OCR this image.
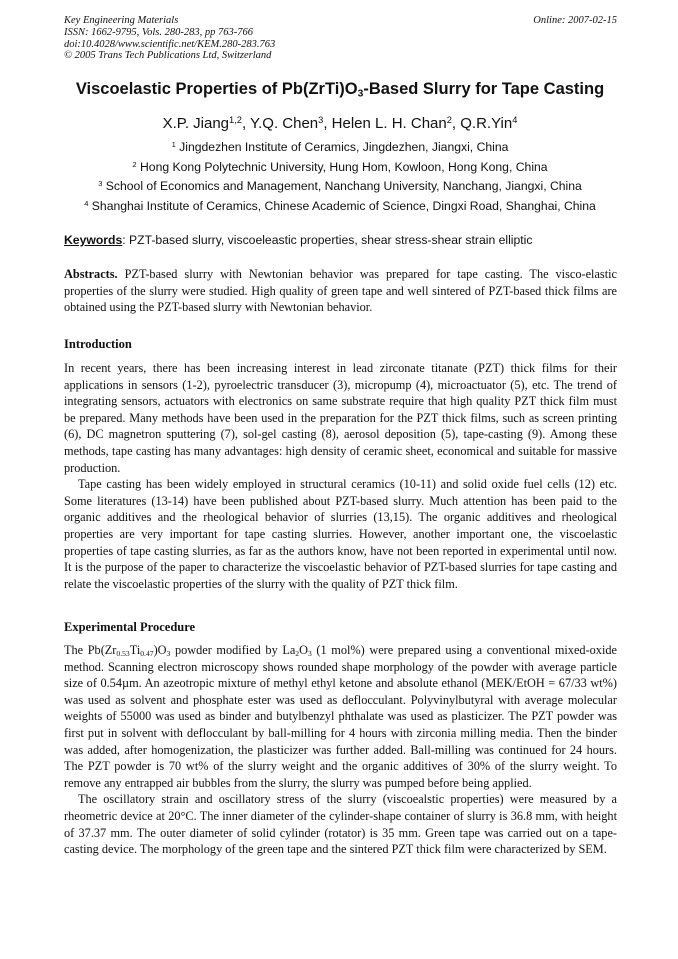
Key Engineering Materials
ISSN: 1662-9795, Vols. 280-283, pp 763-766
doi:10.4028/www.scientific.net/KEM.280-283.763
© 2005 Trans Tech Publications Ltd, Switzerland
Online: 2007-02-15
Viscoelastic Properties of $Pb(ZrTi)O_3$-Based Slurry for Tape Casting
X.P. Jiang$^{1,2}$, Y.Q. Chen$^3$, Helen L. H. Chan$^2$, Q.R.Yin$^4$
$^1$ Jingdezhen Institute of Ceramics, Jingdezhen, Jiangxi, China
$^2$ Hong Kong Polytechnic University, Hung Hom, Kowloon, Hong Kong, China
$^3$ School of Economics and Management, Nanchang University, Nanchang, Jiangxi, China
$^4$ Shanghai Institute of Ceramics, Chinese Academic of Science, Dingxi Road, Shanghai, China
Keywords: PZT-based slurry, viscoeleastic properties, shear stress-shear strain elliptic
Abstracts. PZT-based slurry with Newtonian behavior was prepared for tape casting. The visco-elastic properties of the slurry were studied. High quality of green tape and well sintered of PZT-based thick films are obtained using the PZT-based slurry with Newtonian behavior.
Introduction

In recent years, there has been increasing interest in lead zirconate titanate (PZT) thick films for their applications in sensors (1-2), pyroelectric transducer (3), micropump (4), microactuator (5), etc. The trend of integrating sensors, actuators with electronics on same substrate require that high quality PZT thick film must be prepared. Many methods have been used in the preparation for the PZT thick films, such as screen printing (6), DC magnetron sputtering (7), sol-gel casting (8), aerosol deposition (5), tape-casting (9). Among these methods, tape casting has many advantages: high density of ceramic sheet, economical and suitable for massive production.

Tape casting has been widely employed in structural ceramics (10-11) and solid oxide fuel cells (12) etc. Some literatures (13-14) have been published about PZT-based slurry. Much attention has been paid to the organic additives and the rheological behavior of slurries (13,15). The organic additives and rheological properties are very important for tape casting slurries. However, another important one, the viscoelastic properties of tape casting slurries, as far as the authors know, have not been reported in experimental until now. It is the purpose of the paper to characterize the viscoelastic behavior of PZT-based slurries for tape casting and relate the viscoelastic properties of the slurry with the quality of PZT thick film.

Experimental Procedure

The $Pb(Zr_{0.53}Ti_{0.47})O_3$ powder modified by $La_2O_3$ (1 mol%) were prepared using a conventional mixed-oxide method. Scanning electron microscopy shows rounded shape morphology of the powder with average particle size of 0.54µm. An azeotropic mixture of methyl ethyl ketone and absolute ethanol (MEK/EtOH = 67/33 wt%) was used as solvent and phosphate ester was used as deflocculant. Polyvinylbutyral with average molecular weights of 55000 was used as binder and butylbenzyl phthalate was used as plasticizer. The PZT powder was first put in solvent with deflocculant by ball-milling for 4 hours with zirconia milling media. Then the binder was added, after homogenization, the plasticizer was further added. Ball-milling was continued for 24 hours. The PZT powder is 70 wt% of the slurry weight and the organic additives of 30% of the slurry weight. To remove any entrapped air bubbles from the slurry, the slurry was pumped before being applied.

The oscillatory strain and oscillatory stress of the slurry (viscoealstic properties) were measured by a rheometric device at 20°C. The inner diameter of the cylinder-shape container of slurry is 36.8 mm, with height of 37.37 mm. The outer diameter of solid cylinder (rotator) is 35 mm. Green tape was carried out on a tape-casting device. The morphology of the green tape and the sintered PZT thick film were characterized by SEM.
